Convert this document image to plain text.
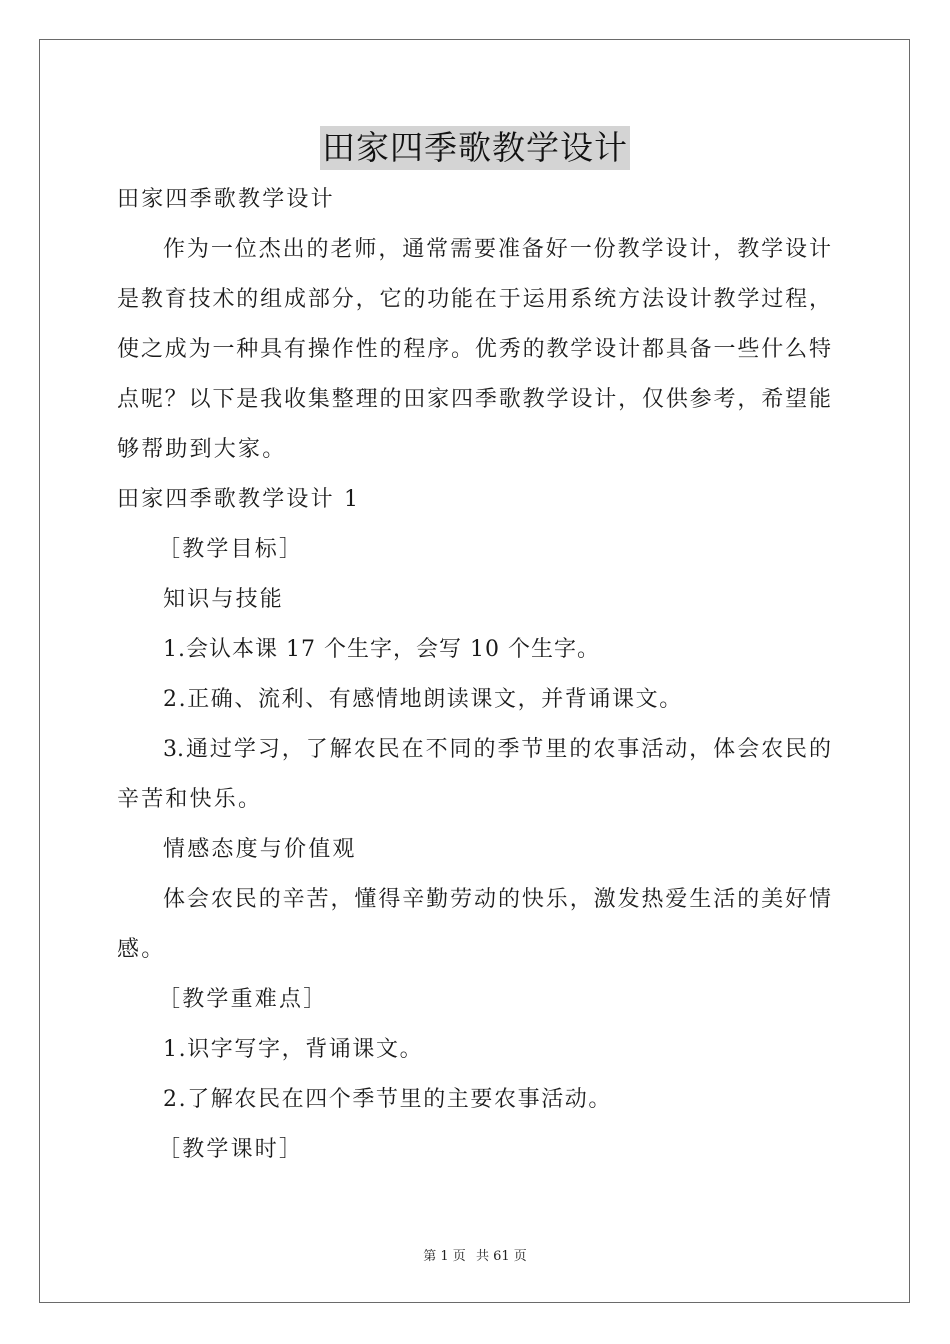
田家四季歌教学设计

田家四季歌教学设计

作为一位杰出的老师，通常需要准备好一份教学设计，教学设计

是教育技术的组成部分，它的功能在于运用系统方法设计教学过程，

使之成为一种具有操作性的程序。优秀的教学设计都具备一些什么特

点呢？以下是我收集整理的田家四季歌教学设计，仅供参考，希望能

够帮助到大家。

田家四季歌教学设计 1

［教学目标］

知识与技能

1.会认本课 17 个生字，会写 10 个生字。

2.正确、流利、有感情地朗读课文，并背诵课文。

3.通过学习，了解农民在不同的季节里的农事活动，体会农民的

辛苦和快乐。

情感态度与价值观

体会农民的辛苦，懂得辛勤劳动的快乐，激发热爱生活的美好情

感。

［教学重难点］

1.识字写字，背诵课文。

2.了解农民在四个季节里的主要农事活动。

［教学课时］

第 1 页 共 61 页
